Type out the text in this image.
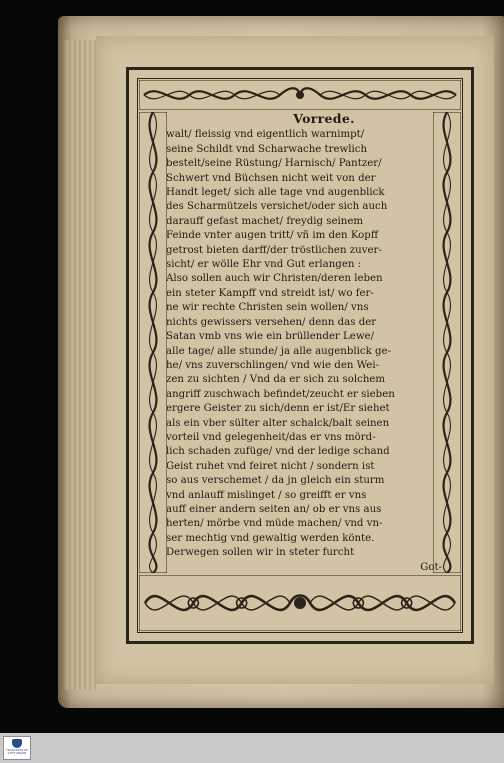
Vorrede.
walt/ fleissig vnd eigentlich warnimpt/
seine Schildt vnd Scharwache trewlich
bestelt/seine Rüstung/ Harnisch/ Pantzer/
Schwert vnd Büchsen nicht weit von der
Handt leget/ sich alle tage vnd augenblick
des Scharmützels versichet/oder sich auch
darauff gefast machet/ freydig seinem
Feinde vnter augen tritt/ vñ im den Kopff
getrost bieten darff/der tröstlichen zuver-
sicht/ er wölle Ehr vnd Gut erlangen :
Also sollen auch wir Christen/deren leben
ein steter Kampff vnd streidt ist/ wo fer-
ne wir rechte Christen sein wollen/ vns
nichts gewissers versehen/ denn das der
Satan vmb vns wie ein brüllender Lewe/
alle tage/ alle stunde/ ja alle augenblick ge-
he/ vns zuverschlingen/ vnd wie den Wei-
zen zu sichten / Vnd da er sich zu solchem
angriff zuschwach befindet/zeucht er sieben
ergere Geister zu sich/denn er ist/Er siehet
als ein vber sülter alter schalck/balt seinen
vorteil vnd gelegenheit/das er vns mörd-
lich schaden zufüge/ vnd der ledige schand
Geist ruhet vnd feiret nicht / sondern ist
so aus verschemet / da jn gleich ein sturm
vnd anlauff mislinget / so greifft er vns
auff einer andern seiten an/ ob er vns aus
herten/ mörbe vnd müde machen/ vnd vn-
ser mechtig vnd gewaltig werden könte.
Derwegen sollen wir in steter furcht
Got-
FRANCKESCHE STIFTUNGEN
